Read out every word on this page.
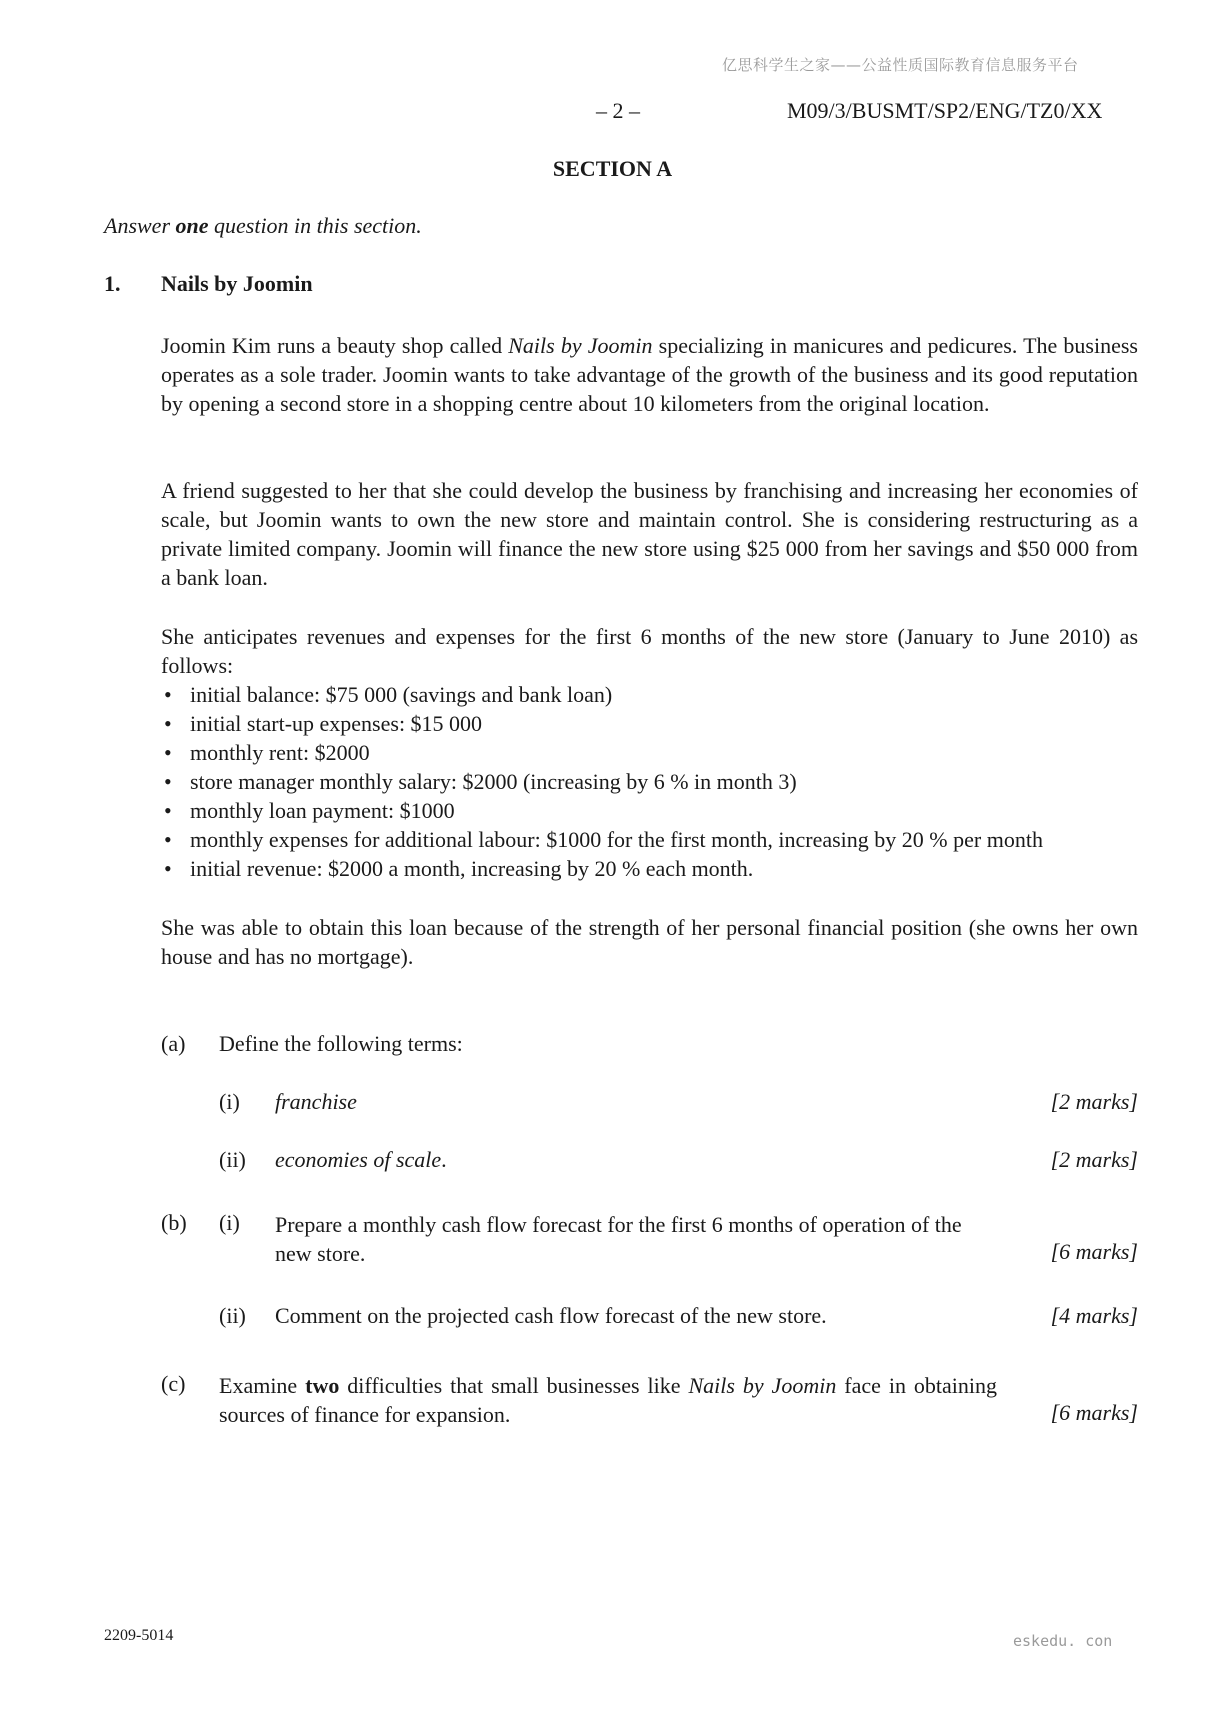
亿思科学生之家——公益性质国际教育信息服务平台
– 2 –	M09/3/BUSMT/SP2/ENG/TZ0/XX
SECTION A
Answer one question in this section.
1. Nails by Joomin

Joomin Kim runs a beauty shop called Nails by Joomin specializing in manicures and pedicures. The business operates as a sole trader. Joomin wants to take advantage of the growth of the business and its good reputation by opening a second store in a shopping centre about 10 kilometers from the original location.

A friend suggested to her that she could develop the business by franchising and increasing her economies of scale, but Joomin wants to own the new store and maintain control. She is considering restructuring as a private limited company. Joomin will finance the new store using $25 000 from her savings and $50 000 from a bank loan.

She anticipates revenues and expenses for the first 6 months of the new store (January to June 2010) as follows:

• initial balance: $75 000 (savings and bank loan)
• initial start-up expenses: $15 000
• monthly rent: $2000
• store manager monthly salary: $2000 (increasing by 6 % in month 3)
• monthly loan payment: $1000
• monthly expenses for additional labour: $1000 for the first month, increasing by 20 % per month
• initial revenue: $2000 a month, increasing by 20 % each month.

She was able to obtain this loan because of the strength of her personal financial position (she owns her own house and has no mortgage).

(a) Define the following terms:
(i) franchise	[2 marks]
(ii) economies of scale.	[2 marks]
(b) (i) Prepare a monthly cash flow forecast for the first 6 months of operation of the new store.	[6 marks]
(ii) Comment on the projected cash flow forecast of the new store.	[4 marks]
(c) Examine two difficulties that small businesses like Nails by Joomin face in obtaining sources of finance for expansion.	[6 marks]
2209-5014	eskedu. con
